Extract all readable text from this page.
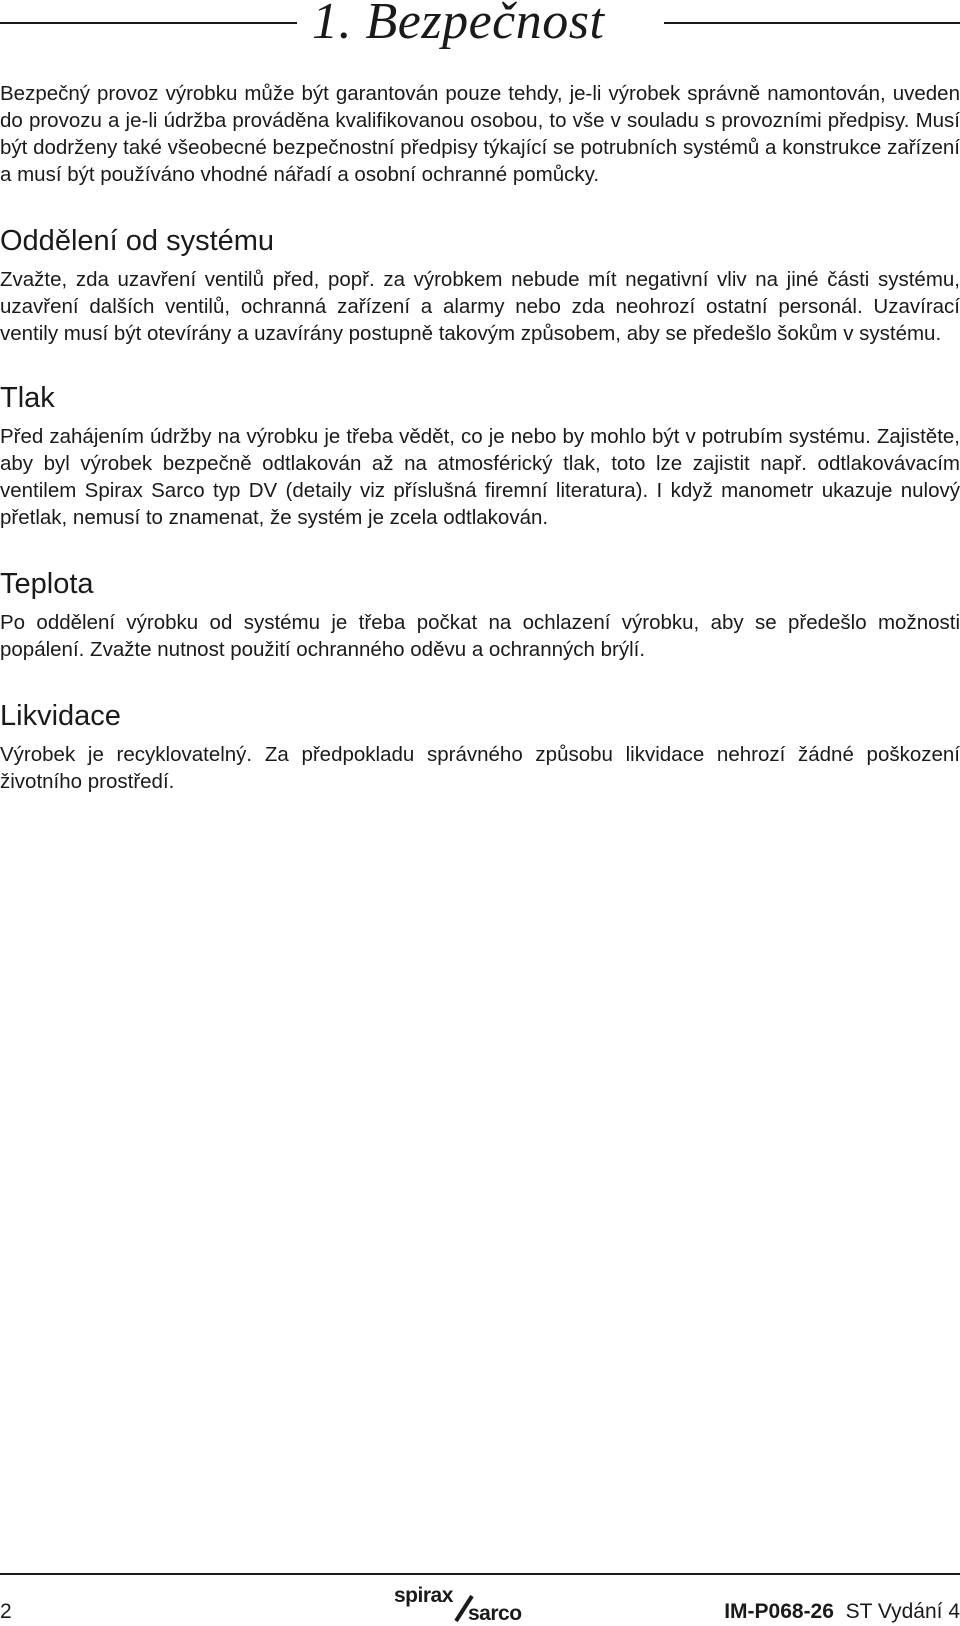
1. Bezpečnost

Bezpečný provoz výrobku může být garantován pouze tehdy, je-li výrobek správně namontován, uveden do provozu a je-li údržba prováděna kvalifikovanou osobou, to vše v souladu s provozními předpisy. Musí být dodrženy také všeobecné bezpečnostní předpisy týkající se potrubních systémů a konstrukce zařízení a musí být používáno vhodné nářadí a osobní ochranné pomůcky.

Oddělení od systému

Zvažte, zda uzavření ventilů před, popř. za výrobkem nebude mít negativní vliv na jiné části systému, uzavření dalších ventilů, ochranná zařízení a alarmy nebo zda neohrozí ostatní personál. Uzavírací ventily musí být otevírány a uzavírány postupně takovým způsobem, aby se předešlo šokům v systému.

Tlak

Před zahájením údržby na výrobku je třeba vědět, co je nebo by mohlo být v potrubím systému. Zajistěte, aby byl výrobek bezpečně odtlakován až na atmosférický tlak, toto lze zajistit např. odtlakovávacím ventilem Spirax Sarco typ DV (detaily viz příslušná firemní literatura). I když manometr ukazuje nulový přetlak, nemusí to znamenat, že systém je zcela odtlakován.

Teplota

Po oddělení výrobku od systému je třeba počkat na ochlazení výrobku, aby se předešlo možnosti popálení. Zvažte nutnost použití ochranného oděvu a ochranných brýlí.

Likvidace

Výrobek je recyklovatelný. Za předpokladu správného způsobu likvidace nehrozí žádné poškození životního prostředí.

2
spirax
sarco	IM-P068-26 ST Vydání 4
